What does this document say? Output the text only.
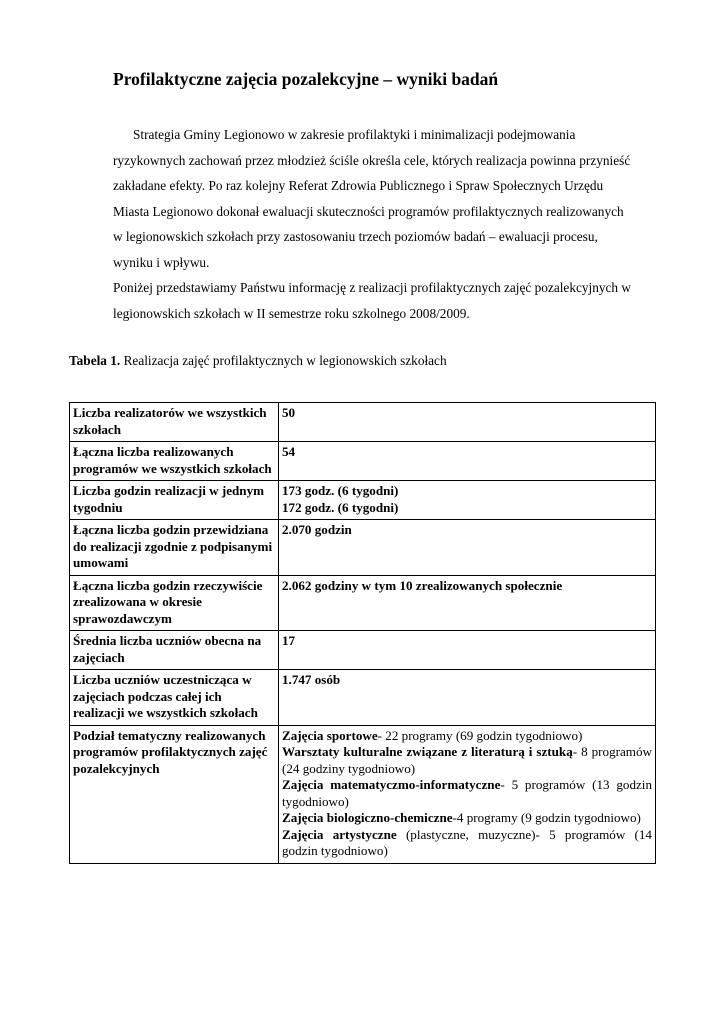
Profilaktyczne zajęcia pozalekcyjne – wyniki badań

Strategia Gminy Legionowo w zakresie profilaktyki i minimalizacji podejmowania ryzykownych zachowań przez młodzież ściśle określa cele, których realizacja powinna przynieść zakładane efekty. Po raz kolejny Referat Zdrowia Publicznego i Spraw Społecznych Urzędu Miasta Legionowo dokonał ewaluacji skuteczności programów profilaktycznych realizowanych w legionowskich szkołach przy zastosowaniu trzech poziomów badań – ewaluacji procesu, wyniku i wpływu.

Poniżej przedstawiamy Państwu informację z realizacji profilaktycznych zajęć pozalekcyjnych w legionowskich szkołach w II semestrze roku szkolnego 2008/2009.

Tabela 1. Realizacja zajęć profilaktycznych w legionowskich szkołach
Liczba realizatorów we wszystkich szkołach	50
Łączna liczba realizowanych programów we wszystkich szkołach	54
Liczba godzin realizacji w jednym tygodniu	173 godz. (6 tygodni)
172 godz. (6 tygodni)

Łączna liczba godzin przewidziana do realizacji zgodnie z podpisanymi umowami	2.070 godzin
Łączna liczba godzin rzeczywiście zrealizowana w okresie sprawozdawczym	2.062 godziny w tym 10 zrealizowanych społecznie
Średnia liczba uczniów obecna na zajęciach	17
Liczba uczniów uczestnicząca w zajęciach podczas całej ich realizacji we wszystkich szkołach	1.747 osób
Podział tematyczny realizowanych programów profilaktycznych zajęć pozalekcyjnych	Zajęcia sportowe- 22 programy (69 godzin tygodniowo)
Warsztaty kulturalne związane z literaturą i sztuką- 8 programów (24 godziny tygodniowo)
Zajęcia matematyczmo-informatyczne- 5 programów (13 godzin tygodniowo)
Zajęcia biologiczno-chemiczne-4 programy (9 godzin tygodniowo)
Zajęcia artystyczne (plastyczne, muzyczne)- 5 programów (14 godzin tygodniowo)
